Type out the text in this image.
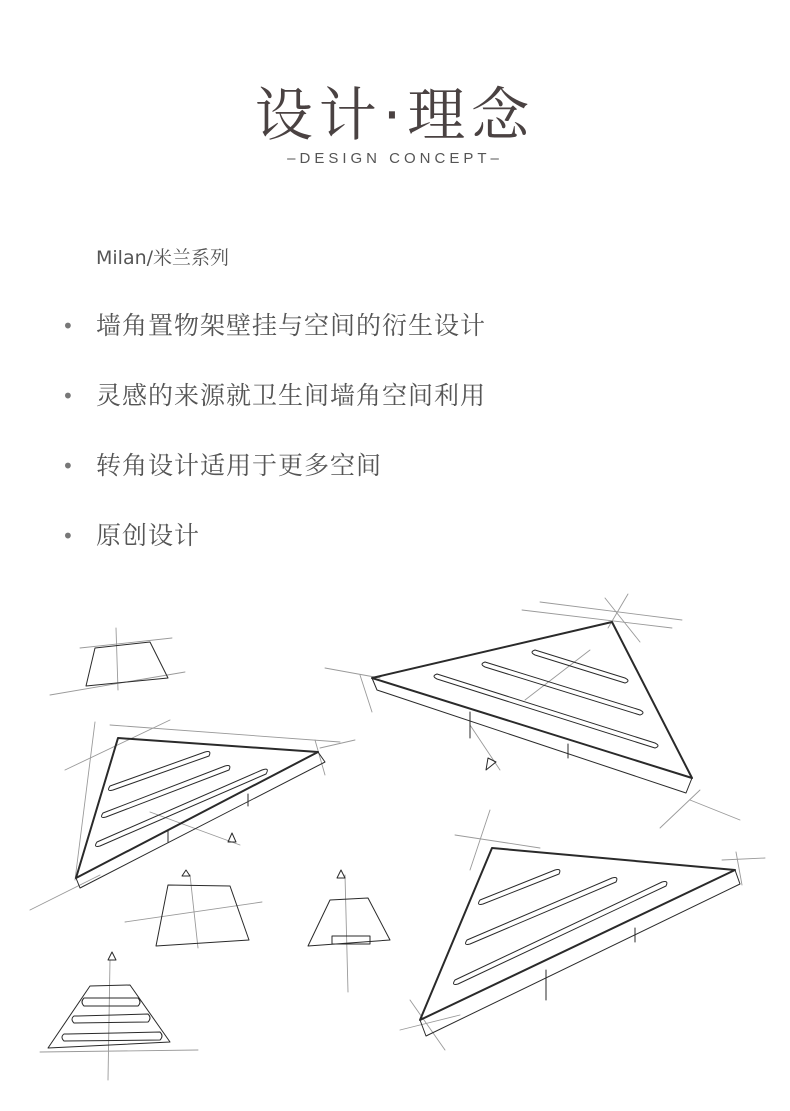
设计·理念
–DESIGN CONCEPT–
Milan/米兰系列
• 墙角置物架壁挂与空间的衍生设计
• 灵感的来源就卫生间墙角空间利用
• 转角设计适用于更多空间
• 原创设计
